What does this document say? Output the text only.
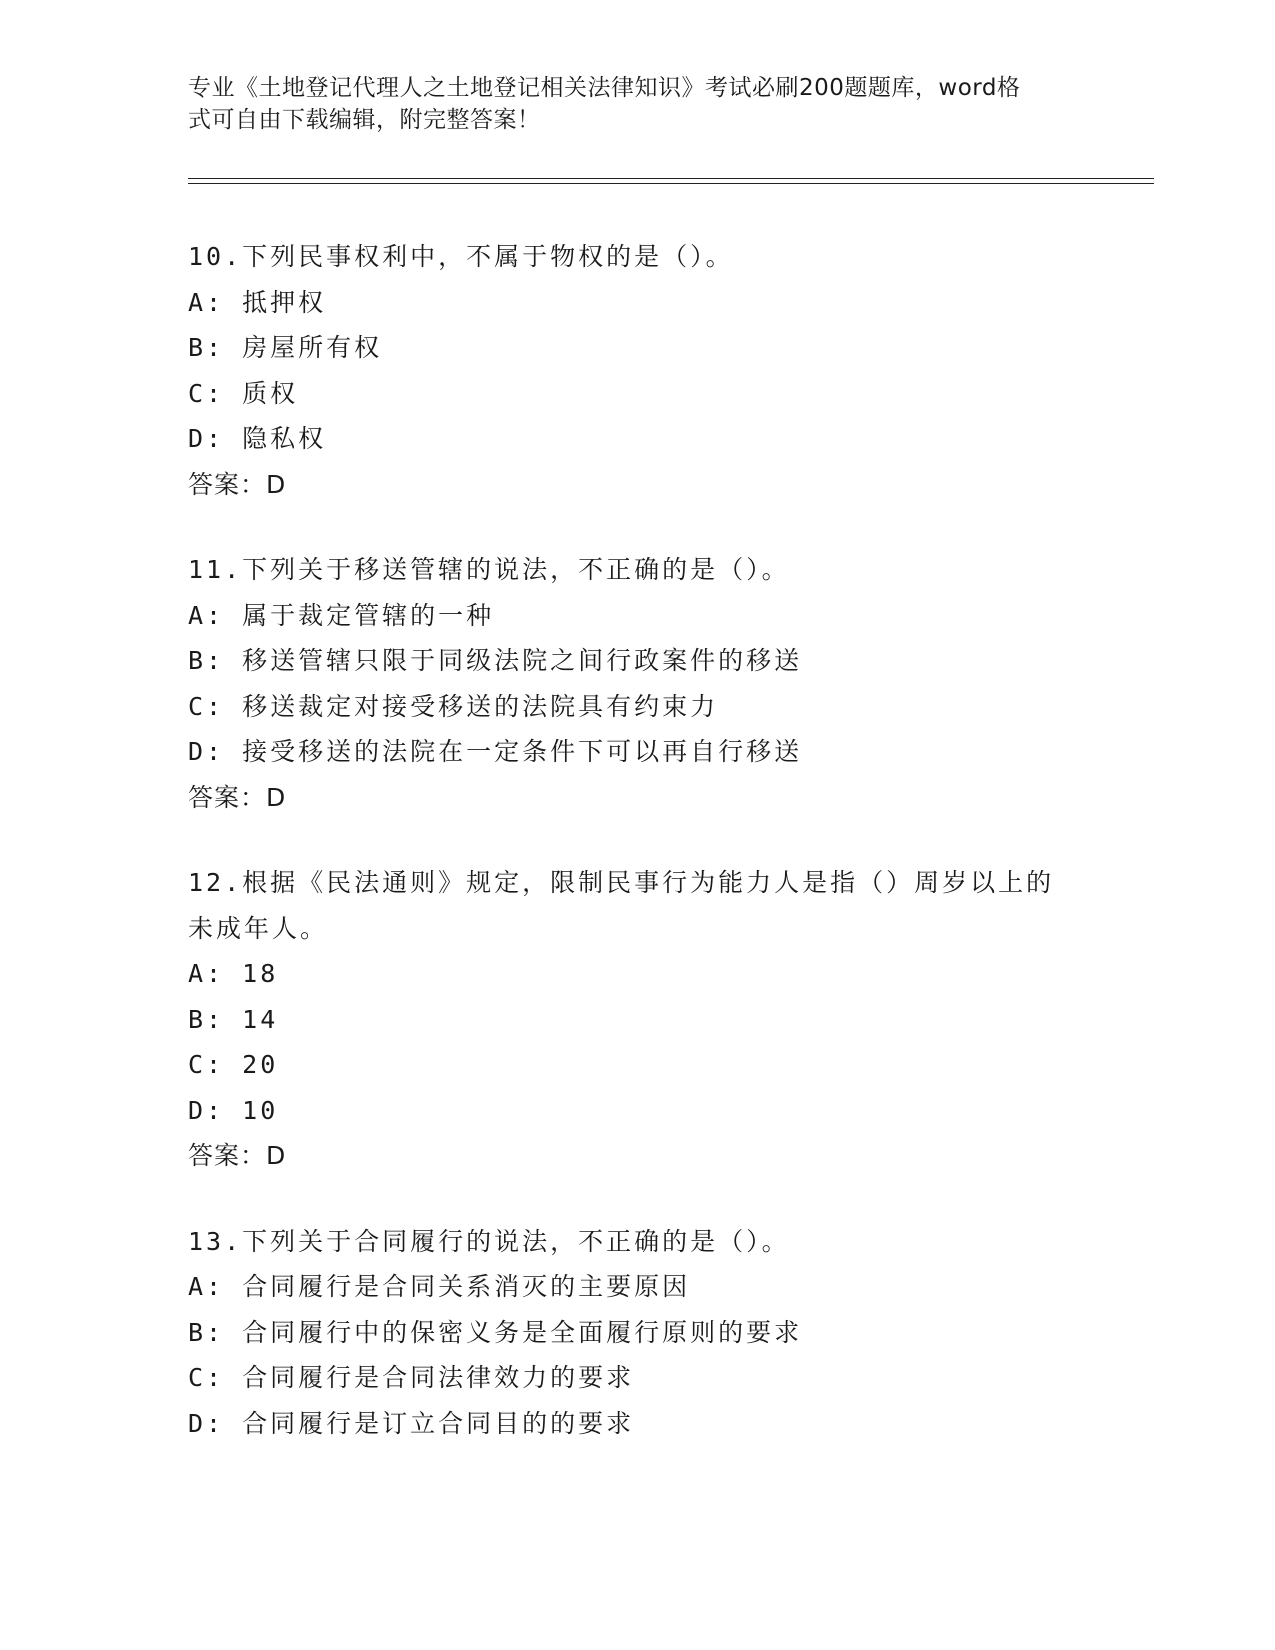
专业《土地登记代理人之土地登记相关法律知识》考试必刷200题题库，word格
式可自由下载编辑，附完整答案！
10.下列民事权利中，不属于物权的是（）。
A: 抵押权
B: 房屋所有权
C: 质权
D: 隐私权
答案：D
11.下列关于移送管辖的说法，不正确的是（）。
A: 属于裁定管辖的一种
B: 移送管辖只限于同级法院之间行政案件的移送
C: 移送裁定对接受移送的法院具有约束力
D: 接受移送的法院在一定条件下可以再自行移送
答案：D
12.根据《民法通则》规定，限制民事行为能力人是指（）周岁以上的
未成年人。
A: 18
B: 14
C: 20
D: 10
答案：D
13.下列关于合同履行的说法，不正确的是（）。
A: 合同履行是合同关系消灭的主要原因
B: 合同履行中的保密义务是全面履行原则的要求
C: 合同履行是合同法律效力的要求
D: 合同履行是订立合同目的的要求
